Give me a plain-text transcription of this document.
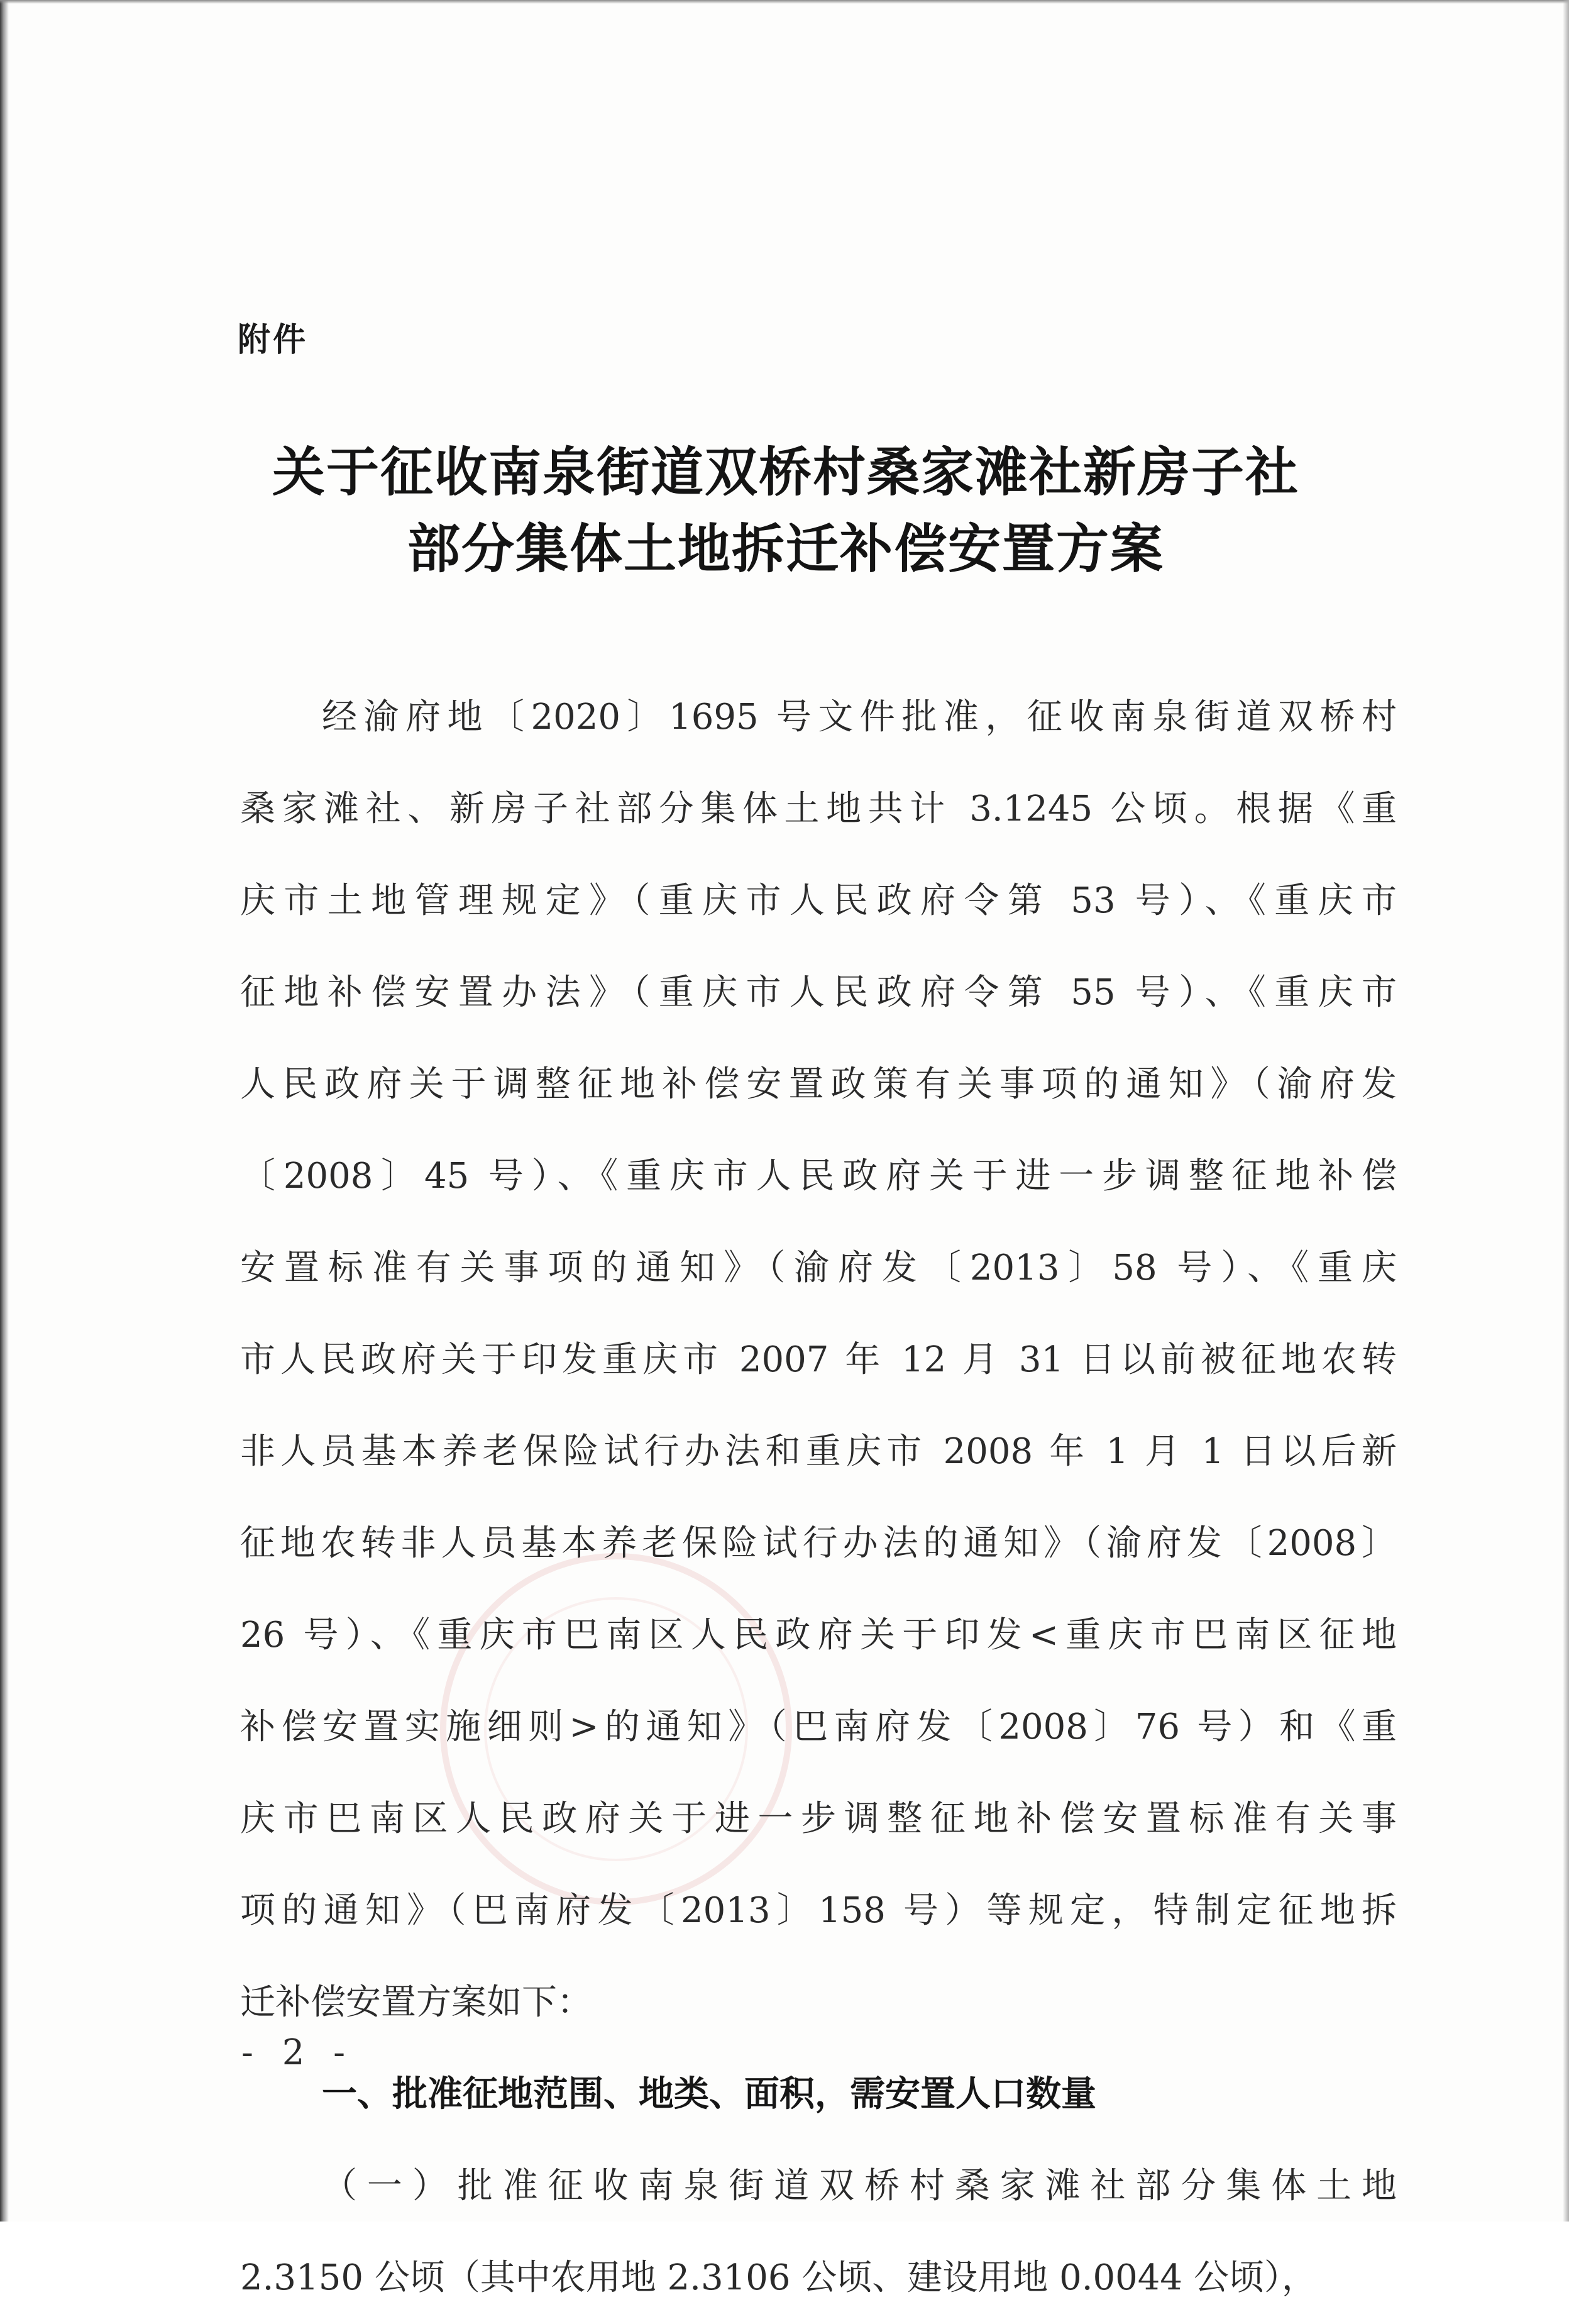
附件
关于征收南泉街道双桥村桑家滩社新房子社
部分集体土地拆迁补偿安置方案
经渝府地〔2020〕1695 号文件批准，征收南泉街道双桥村
桑家滩社、新房子社部分集体土地共计 3.1245 公顷。根据《重
庆市土地管理规定》（重庆市人民政府令第 53 号）、《重庆市
征地补偿安置办法》（重庆市人民政府令第 55 号）、《重庆市
人民政府关于调整征地补偿安置政策有关事项的通知》（渝府发
〔2008〕45 号）、《重庆市人民政府关于进一步调整征地补偿
安置标准有关事项的通知》（渝府发〔2013〕58 号）、《重庆
市人民政府关于印发重庆市 2007 年 12 月 31 日以前被征地农转
非人员基本养老保险试行办法和重庆市 2008 年 1 月 1 日以后新
征地农转非人员基本养老保险试行办法的通知》（渝府发〔2008〕
26 号）、《重庆市巴南区人民政府关于印发<重庆市巴南区征地
补偿安置实施细则>的通知》（巴南府发〔2008〕76 号）和《重
庆市巴南区人民政府关于进一步调整征地补偿安置标准有关事
项的通知》（巴南府发〔2013〕158 号）等规定，特制定征地拆
迁补偿安置方案如下：
一、批准征地范围、地类、面积，需安置人口数量
（一）批准征收南泉街道双桥村桑家滩社部分集体土地
2.3150 公顷（其中农用地 2.3106 公顷、建设用地 0.0044 公顷），
- 2 -
